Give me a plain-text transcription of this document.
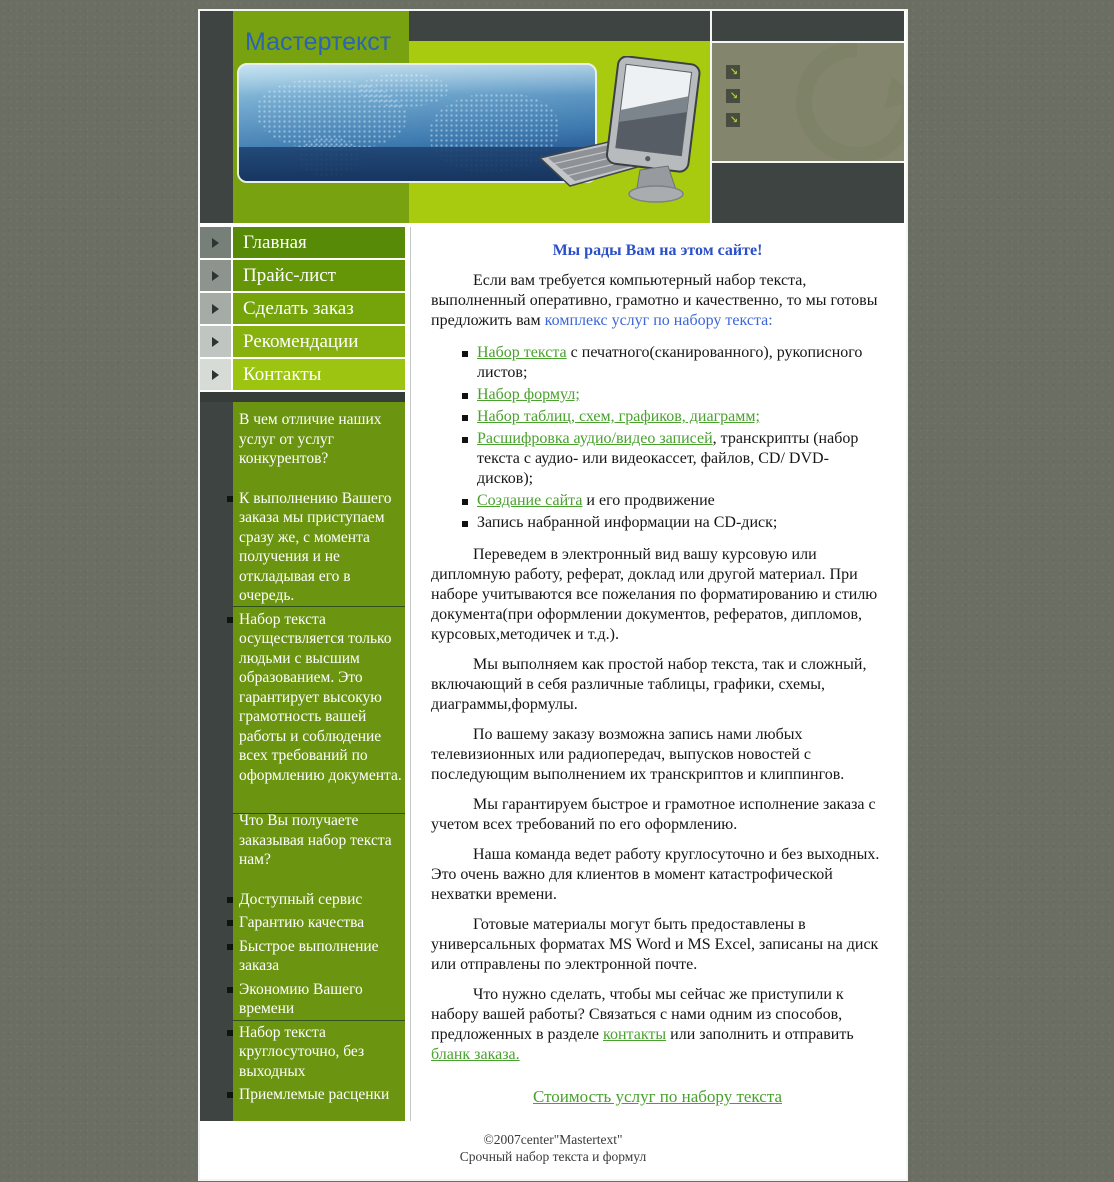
Мастертекст
→
→
→
Главная
Прайс-лист
Сделать заказ
Рекомендации
Контакты
В чем отличие наших услуг от услуг конкурентов?
К выполнению Вашего заказа мы приступаем сразу же, с момента получения и не откладывая его в очередь.
Набор текста осуществляется только людьми с высшим образованием. Это гарантирует высокую грамотность вашей работы и соблюдение всех требований по оформлению документа.
Что Вы получаете заказывая набор текста нам?
Доступный сервис
Гарантию качества
Быстрое выполнение заказа
Экономию Вашего времени
Набор текста круглосуточно, без выходных
Приемлемые расценки
Мы рады Вам на этом сайте!

Если вам требуется компьютерный набор текста, выполненный оперативно, грамотно и качественно, то мы готовы предложить вам комплекс услуг по набору текста:

Набор текста с печатного(сканированного), рукописного листов;
Набор формул;
Набор таблиц, схем, графиков, диаграмм;
Расшифровка аудио/видео записей, транскрипты (набор текста с аудио- или видеокассет, файлов, CD/ DVD-дисков);
Создание сайта и его продвижение
Запись набранной информации на CD-диск;

Переведем в электронный вид вашу курсовую или дипломную работу, реферат, доклад или другой материал. При наборе учитываются все пожелания по форматированию и стилю документа(при оформлении документов, рефератов, дипломов, курсовых,методичек и т.д.).

Мы выполняем как простой набор текста, так и сложный, включающий в себя различные таблицы, графики, схемы, диаграммы,формулы.

По вашему заказу возможна запись нами любых телевизионных или радиопередач, выпусков новостей с последующим выполнением их транскриптов и клиппингов.

Мы гарантируем быстрое и грамотное исполнение заказа с учетом всех требований по его оформлению.

Наша команда ведет работу круглосуточно и без выходных. Это очень важно для клиентов в момент катастрофической нехватки времени.

Готовые материалы могут быть предоставлены в универсальных форматах MS Word и MS Excel, записаны на диск или отправлены по электронной почте.

Что нужно сделать, чтобы мы сейчас же приступили к набору вашей работы? Связаться с нами одним из способов, предложенных в разделе контакты или заполнить и отправить бланк заказа.

Стоимость услуг по набору текста
©2007center"Mastertext"
Срочный набор текста и формул
